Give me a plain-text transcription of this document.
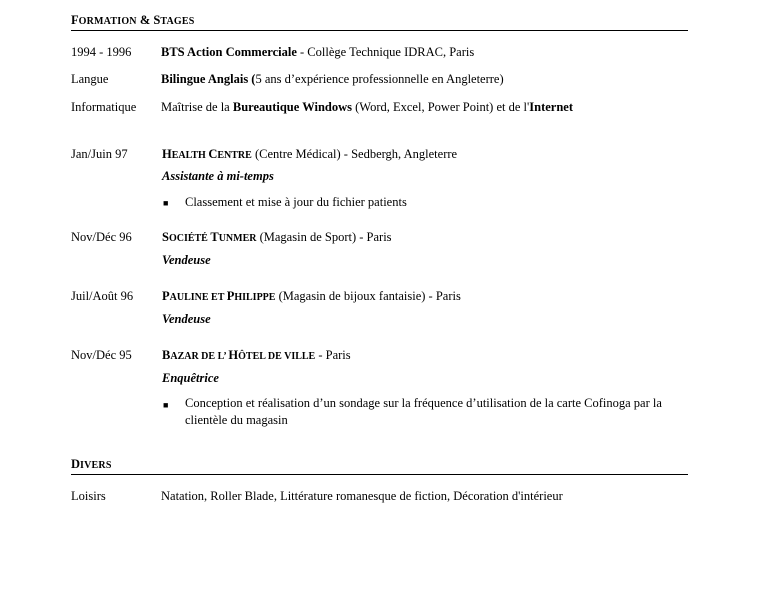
FORMATION & STAGES
1994 - 1996 BTS Action Commerciale - Collège Technique IDRAC, Paris
Langue	Bilingue Anglais (5 ans d’expérience professionnelle en Angleterre)
Informatique Maîtrise de la Bureautique Windows (Word, Excel, Power Point) et de l'Internet
Jan/Juin 97	HEALTH CENTRE (Centre Médical) - Sedbergh, Angleterre
Assistante à mi-temps
■ Classement et mise à jour du fichier patients
Nov/Déc 96 SOCIÉTÉ TUNMER (Magasin de Sport) - Paris
Vendeuse
Juil/Août 96 PAULINE ET PHILIPPE (Magasin de bijoux fantaisie) - Paris
Vendeuse
Nov/Déc 95 BAZAR DE L’ HÔTEL DE VILLE - Paris
Enquêtrice
■ Conception et réalisation d’un sondage sur la fréquence d’utilisation de la carte Cofinoga par la clientèle du magasin
DIVERS
Loisirs	Natation, Roller Blade, Littérature romanesque de fiction, Décoration d'intérieur
